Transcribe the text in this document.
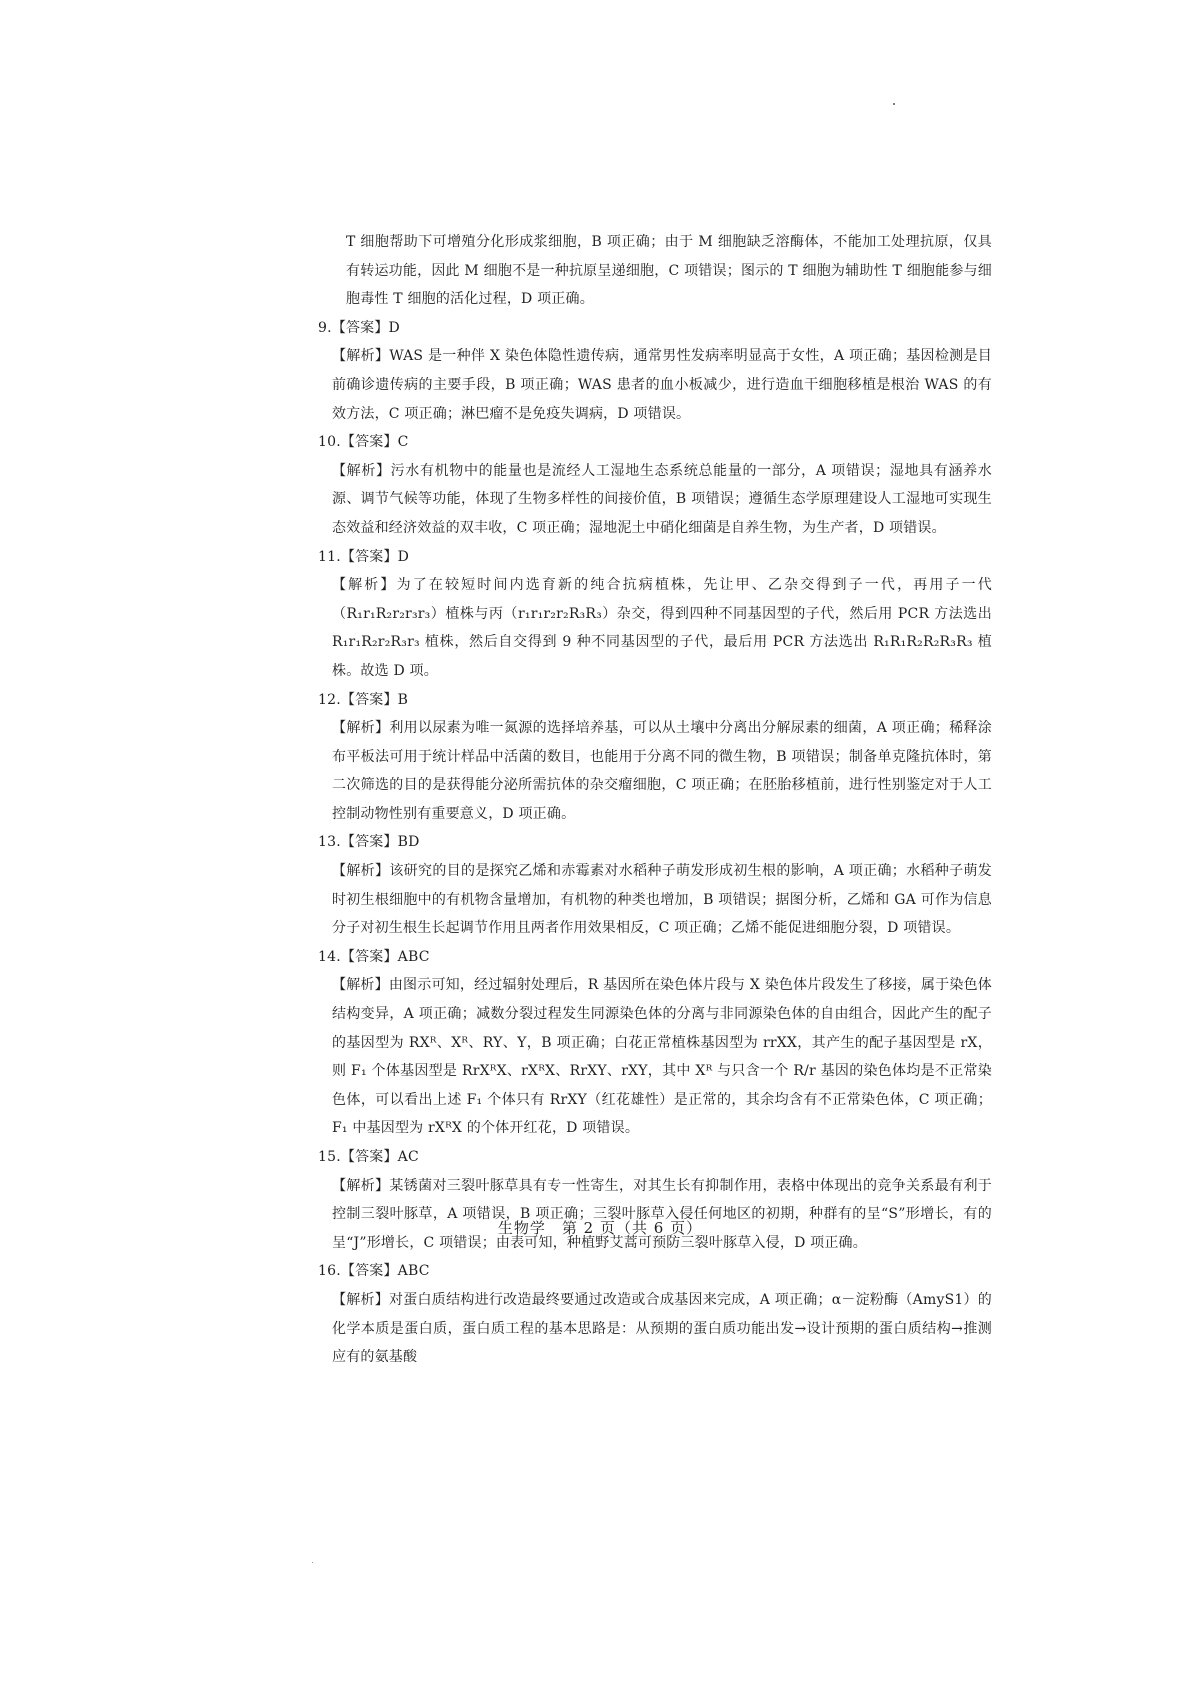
T 细胞帮助下可增殖分化形成浆细胞，B 项正确；由于 M 细胞缺乏溶酶体，不能加工处理抗原，仅具有转运功能，因此 M 细胞不是一种抗原呈递细胞，C 项错误；图示的 T 细胞为辅助性 T 细胞能参与细胞毒性 T 细胞的活化过程，D 项正确。
9.【答案】D
【解析】WAS 是一种伴 X 染色体隐性遗传病，通常男性发病率明显高于女性，A 项正确；基因检测是目前确诊遗传病的主要手段，B 项正确；WAS 患者的血小板减少，进行造血干细胞移植是根治 WAS 的有效方法，C 项正确；淋巴瘤不是免疫失调病，D 项错误。
10.【答案】C
【解析】污水有机物中的能量也是流经人工湿地生态系统总能量的一部分，A 项错误；湿地具有涵养水源、调节气候等功能，体现了生物多样性的间接价值，B 项错误；遵循生态学原理建设人工湿地可实现生态效益和经济效益的双丰收，C 项正确；湿地泥土中硝化细菌是自养生物，为生产者，D 项错误。
11.【答案】D
【解析】为了在较短时间内选育新的纯合抗病植株，先让甲、乙杂交得到子一代，再用子一代（R₁r₁R₂r₂r₃r₃）植株与丙（r₁r₁r₂r₂R₃R₃）杂交，得到四种不同基因型的子代，然后用 PCR 方法选出 R₁r₁R₂r₂R₃r₃ 植株，然后自交得到 9 种不同基因型的子代，最后用 PCR 方法选出 R₁R₁R₂R₂R₃R₃ 植株。故选 D 项。
12.【答案】B
【解析】利用以尿素为唯一氮源的选择培养基，可以从土壤中分离出分解尿素的细菌，A 项正确；稀释涂布平板法可用于统计样品中活菌的数目，也能用于分离不同的微生物，B 项错误；制备单克隆抗体时，第二次筛选的目的是获得能分泌所需抗体的杂交瘤细胞，C 项正确；在胚胎移植前，进行性别鉴定对于人工控制动物性别有重要意义，D 项正确。
13.【答案】BD
【解析】该研究的目的是探究乙烯和赤霉素对水稻种子萌发形成初生根的影响，A 项正确；水稻种子萌发时初生根细胞中的有机物含量增加，有机物的种类也增加，B 项错误；据图分析，乙烯和 GA 可作为信息分子对初生根生长起调节作用且两者作用效果相反，C 项正确；乙烯不能促进细胞分裂，D 项错误。
14.【答案】ABC
【解析】由图示可知，经过辐射处理后，R 基因所在染色体片段与 X 染色体片段发生了移接，属于染色体结构变异，A 项正确；减数分裂过程发生同源染色体的分离与非同源染色体的自由组合，因此产生的配子的基因型为 RXᴿ、Xᴿ、RY、Y，B 项正确；白花正常植株基因型为 rrXX，其产生的配子基因型是 rX，则 F₁ 个体基因型是 RrXᴿX、rXᴿX、RrXY、rXY，其中 Xᴿ 与只含一个 R/r 基因的染色体均是不正常染色体，可以看出上述 F₁ 个体只有 RrXY（红花雄性）是正常的，其余均含有不正常染色体，C 项正确；F₁ 中基因型为 rXᴿX 的个体开红花，D 项错误。
15.【答案】AC
【解析】某锈菌对三裂叶豚草具有专一性寄生，对其生长有抑制作用，表格中体现出的竞争关系最有利于控制三裂叶豚草，A 项错误，B 项正确；三裂叶豚草入侵任何地区的初期，种群有的呈“S”形增长，有的呈“J”形增长，C 项错误；由表可知，种植野艾蒿可预防三裂叶豚草入侵，D 项正确。
16.【答案】ABC
【解析】对蛋白质结构进行改造最终要通过改造或合成基因来完成，A 项正确；α－淀粉酶（AmyS1）的化学本质是蛋白质，蛋白质工程的基本思路是：从预期的蛋白质功能出发→设计预期的蛋白质结构→推测应有的氨基酸
生物学　第 2 页（共 6 页）
